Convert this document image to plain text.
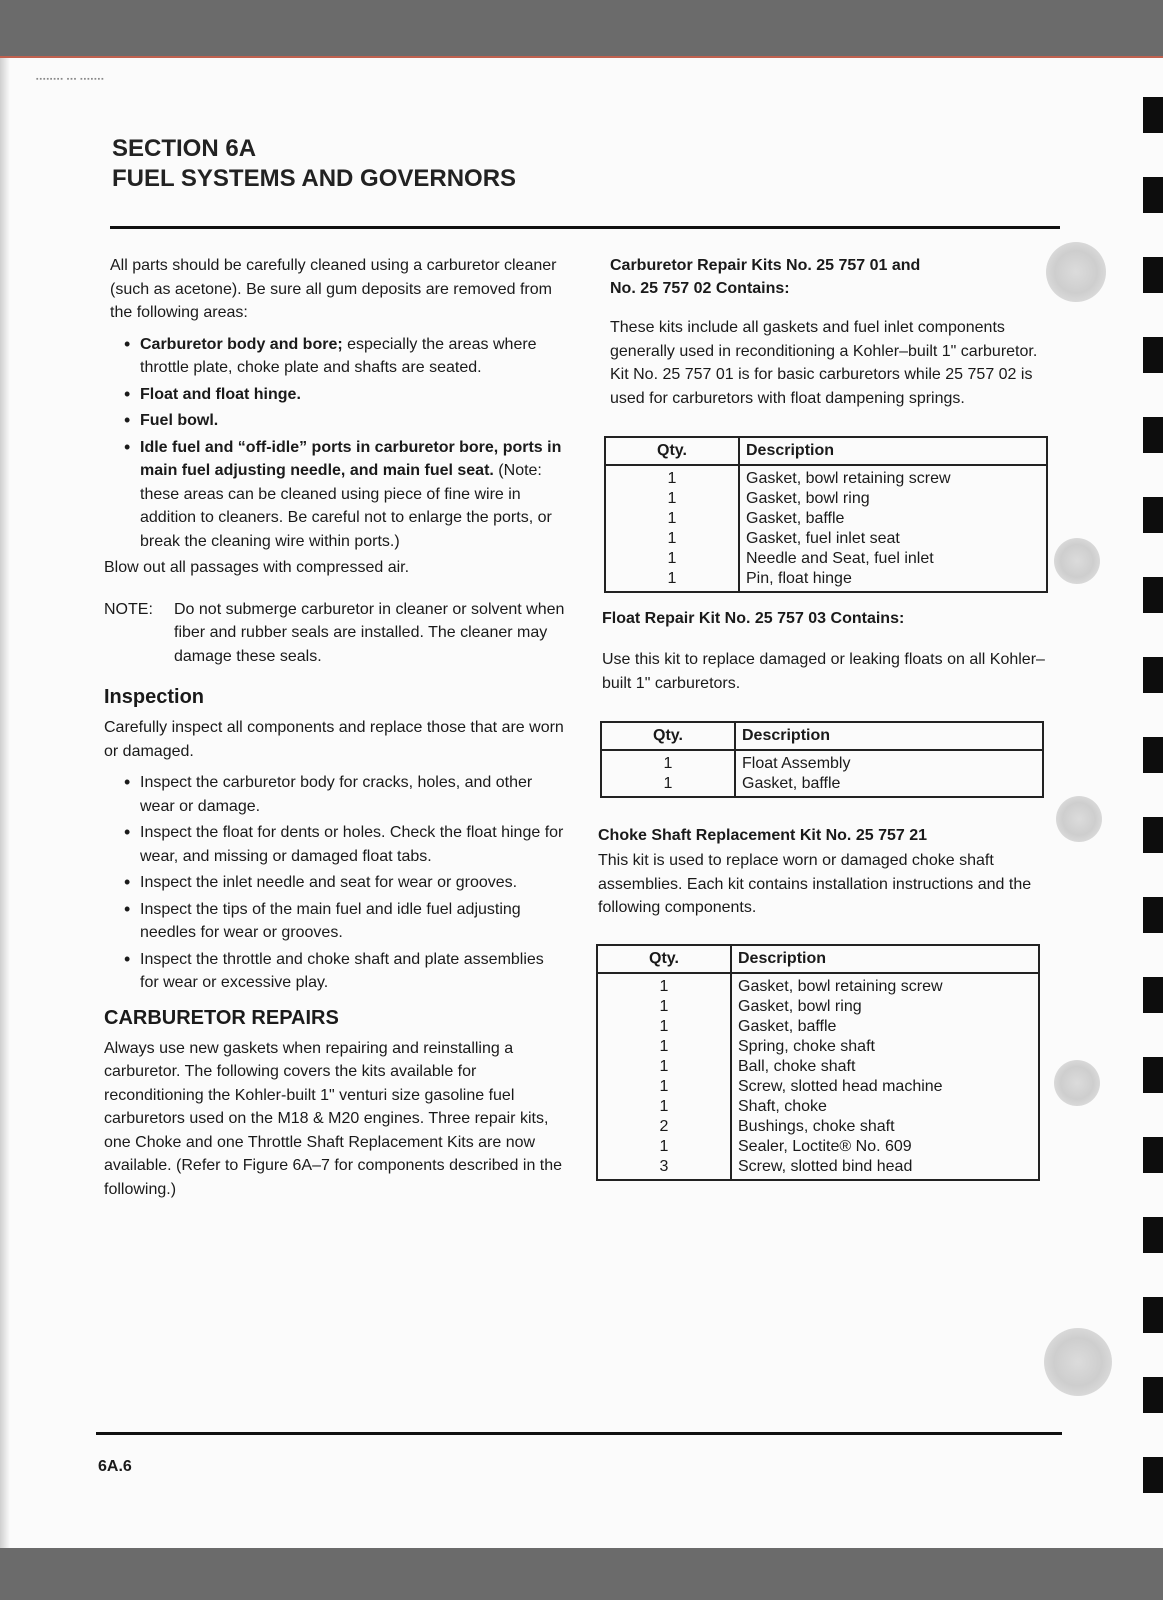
▪▪▪▪▪▪▪▪ ▪▪▪ ▪▪▪▪▪▪▪
SECTION 6A
FUEL SYSTEMS AND GOVERNORS

All parts should be carefully cleaned using a carburetor cleaner (such as acetone). Be sure all gum deposits are removed from the following areas:

• Carburetor body and bore; especially the areas where throttle plate, choke plate and shafts are seated.
• Float and float hinge.
• Fuel bowl.
• Idle fuel and “off-idle” ports in carburetor bore, ports in main fuel adjusting needle, and main fuel seat. (Note: these areas can be cleaned using piece of fine wire in addition to cleaners. Be careful not to enlarge the ports, or break the cleaning wire within ports.)

Blow out all passages with compressed air.

NOTE:	Do not submerge carburetor in cleaner or solvent when fiber and rubber seals are installed. The cleaner may damage these seals.
Inspection

Carefully inspect all components and replace those that are worn or damaged.

• Inspect the carburetor body for cracks, holes, and other wear or damage.
• Inspect the float for dents or holes. Check the float hinge for wear, and missing or damaged float tabs.
• Inspect the inlet needle and seat for wear or grooves.
• Inspect the tips of the main fuel and idle fuel adjusting needles for wear or grooves.
• Inspect the throttle and choke shaft and plate assemblies for wear or excessive play.
CARBURETOR REPAIRS

Always use new gaskets when repairing and reinstalling a carburetor. The following covers the kits available for reconditioning the Kohler-built 1" venturi size gasoline fuel carburetors used on the M18 & M20 engines. Three repair kits, one Choke and one Throttle Shaft Replacement Kits are now available. (Refer to Figure 6A–7 for components described in the following.)

Carburetor Repair Kits No. 25 757 01 and
No. 25 757 02 Contains:

These kits include all gaskets and fuel inlet components generally used in reconditioning a Kohler–built 1" carburetor. Kit No. 25 757 01 is for basic carburetors while 25 757 02 is used for carburetors with float dampening springs.

Qty.	Description
1	Gasket, bowl retaining screw
1	Gasket, bowl ring
1	Gasket, baffle
1	Gasket, fuel inlet seat
1	Needle and Seat, fuel inlet
1	Pin, float hinge

Float Repair Kit No. 25 757 03 Contains:

Use this kit to replace damaged or leaking floats on all Kohler–built 1" carburetors.

Qty.	Description
1	Float Assembly
1	Gasket, baffle

Choke Shaft Replacement Kit No. 25 757 21

This kit is used to replace worn or damaged choke shaft assemblies. Each kit contains installation instructions and the following components.

Qty.	Description
1	Gasket, bowl retaining screw
1	Gasket, bowl ring
1	Gasket, baffle
1	Spring, choke shaft
1	Ball, choke shaft
1	Screw, slotted head machine
1	Shaft, choke
2	Bushings, choke shaft
1	Sealer, Loctite® No. 609
3	Screw, slotted bind head
6A.6
